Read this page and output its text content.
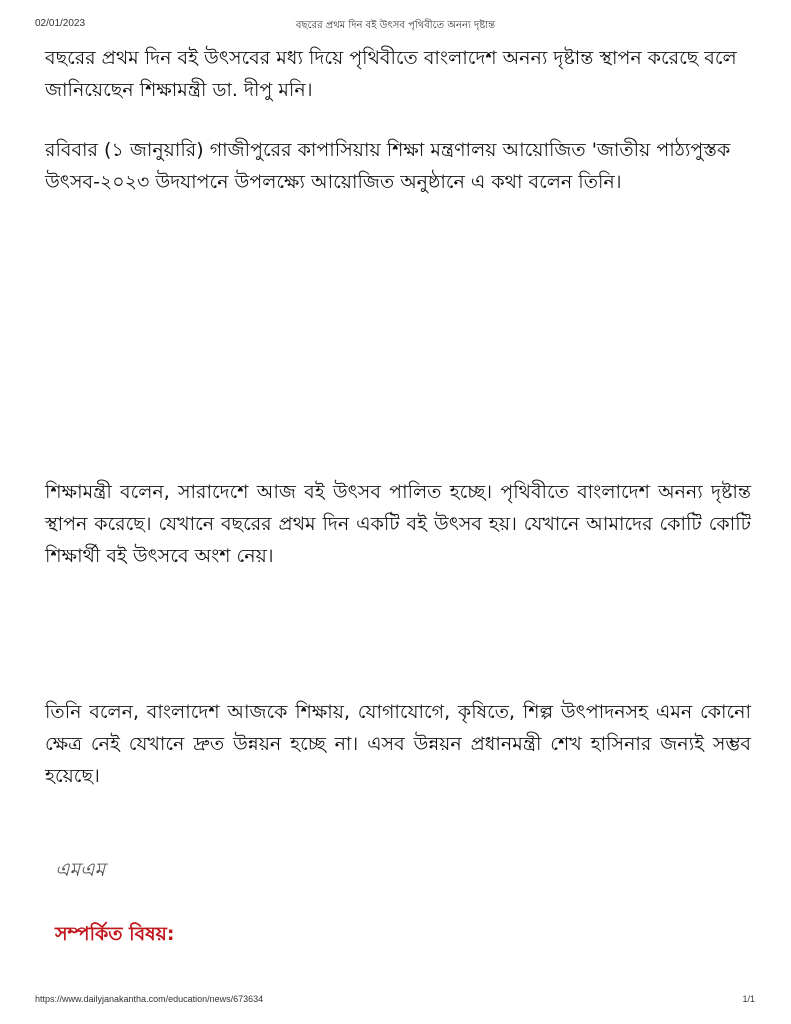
02/01/2023	বছরের প্রথম দিন বই উৎসব পৃথিবীতে অনন্য দৃষ্টান্ত

বছরের প্রথম দিন বই উৎসবের মধ্য দিয়ে পৃথিবীতে বাংলাদেশ অনন্য দৃষ্টান্ত স্থাপন করেছে বলে জানিয়েছেন শিক্ষামন্ত্রী ডা. দীপু মনি।

রবিবার (১ জানুয়ারি) গাজীপুরের কাপাসিয়ায় শিক্ষা মন্ত্রণালয় আয়োজিত 'জাতীয় পাঠ্যপুস্তক উৎসব-২০২৩ উদযাপনে উপলক্ষ্যে আয়োজিত অনুষ্ঠানে এ কথা বলেন তিনি।

শিক্ষামন্ত্রী বলেন, সারাদেশে আজ বই উৎসব পালিত হচ্ছে। পৃথিবীতে বাংলাদেশ অনন্য দৃষ্টান্ত স্থাপন করেছে। যেখানে বছরের প্রথম দিন একটি বই উৎসব হয়। যেখানে আমাদের কোটি কোটি শিক্ষার্থী বই উৎসবে অংশ নেয়।

তিনি বলেন, বাংলাদেশ আজকে শিক্ষায়, যোগাযোগে, কৃষিতে, শিল্প উৎপাদনসহ এমন কোনো ক্ষেত্র নেই যেখানে দ্রুত উন্নয়ন হচ্ছে না। এসব উন্নয়ন প্রধানমন্ত্রী শেখ হাসিনার জন্যই সম্ভব হয়েছে।

এমএম
সম্পর্কিত বিষয়:
https://www.dailyjanakantha.com/education/news/673634	1/1
